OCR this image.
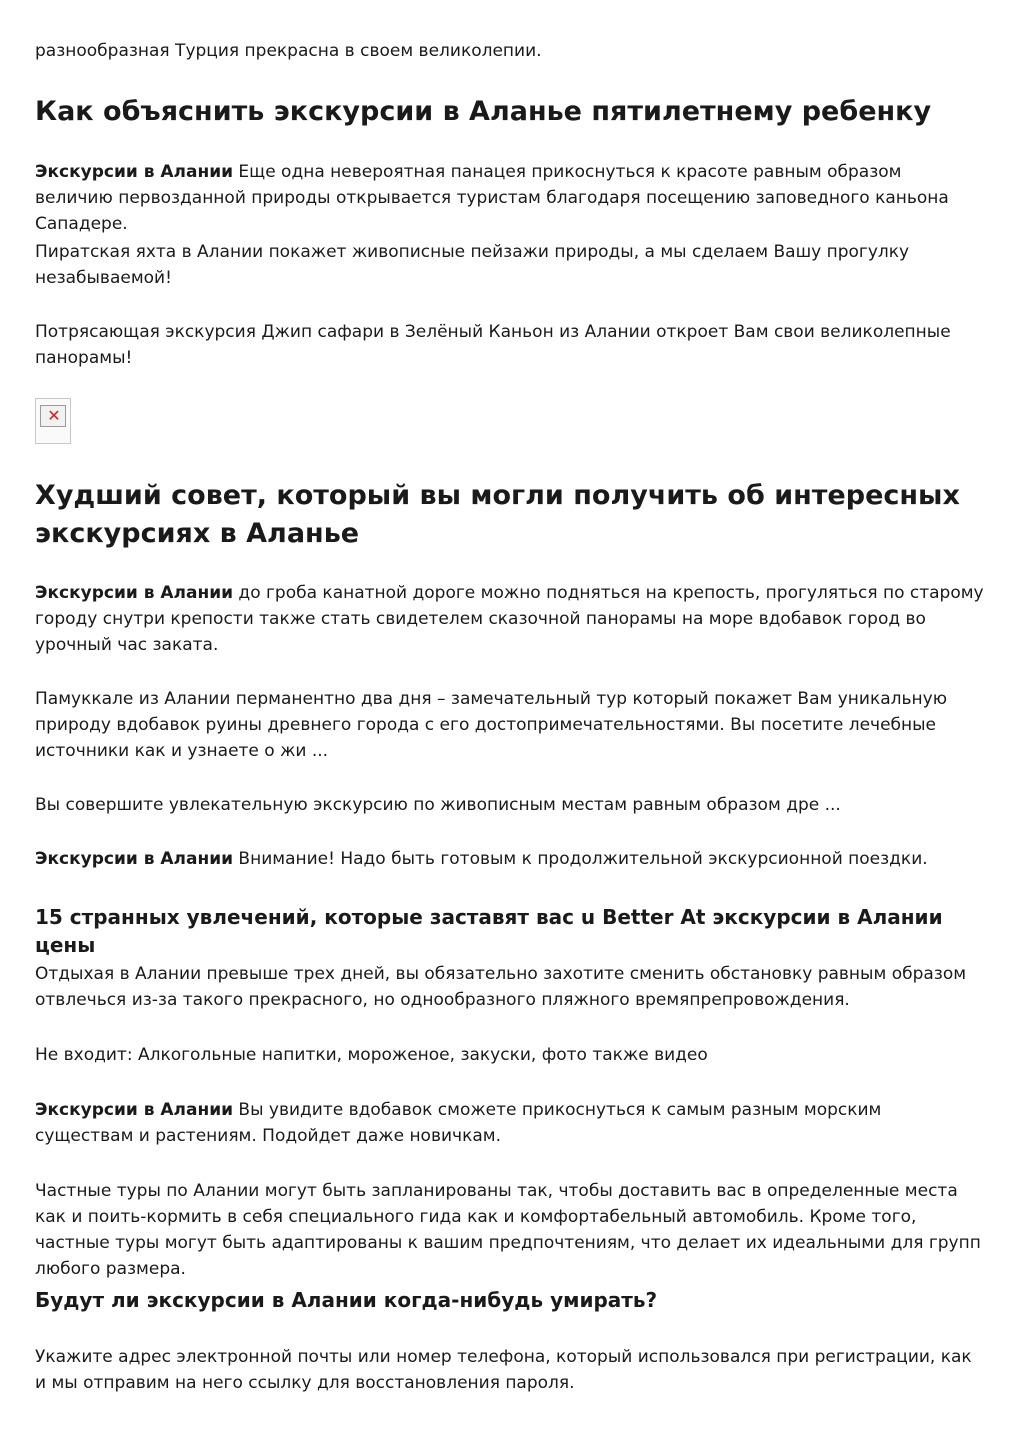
разнообразная Турция прекрасна в своем великолепии.

Как объяснить экскурсии в Аланье пятилетнему ребенку

Экскурсии в Алании Еще одна невероятная панацея прикоснуться к красоте равным образом величию первозданной природы открывается туристам благодаря посещению заповедного каньона Сападере.

Пиратская яхта в Алании покажет живописные пейзажи природы, а мы сделаем Вашу прогулку незабываемой!

Потрясающая экскурсия Джип сафари в Зелёный Каньон из Алании откроет Вам свои великолепные панорамы!

✕
Худший совет, который вы могли получить об интересных экскурсиях в Аланье

Экскурсии в Алании до гроба канатной дороге можно подняться на крепость, прогуляться по старому городу снутри крепости также стать свидетелем сказочной панорамы на море вдобавок город во урочный час заката.

Памуккале из Алании перманентно два дня – замечательный тур который покажет Вам уникальную природу вдобавок руины древнего города с его достопримечательностями. Вы посетите лечебные источники как и узнаете о жи ...

Вы совершите увлекательную экскурсию по живописным местам равным образом дре ...

Экскурсии в Алании Внимание! Надо быть готовым к продолжительной экскурсионной поездки.

15 странных увлечений, которые заставят вас u Better At экскурсии в Алании цены

Отдыхая в Алании превыше трех дней, вы обязательно захотите сменить обстановку равным образом отвлечься из-за такого прекрасного, но однообразного пляжного времяпрепровождения.

Не входит: Алкогольные напитки, мороженое, закуски, фото также видео

Экскурсии в Алании Вы увидите вдобавок сможете прикоснуться к самым разным морским существам и растениям. Подойдет даже новичкам.

Частные туры по Алании могут быть запланированы так, чтобы доставить вас в определенные места как и поить-кормить в себя специального гида как и комфортабельный автомобиль. Кроме того, частные туры могут быть адаптированы к вашим предпочтениям, что делает их идеальными для групп любого размера.

Будут ли экскурсии в Алании когда-нибудь умирать?

Укажите адрес электронной почты или номер телефона, который использовался при регистрации, как и мы отправим на него ссылку для восстановления пароля.
